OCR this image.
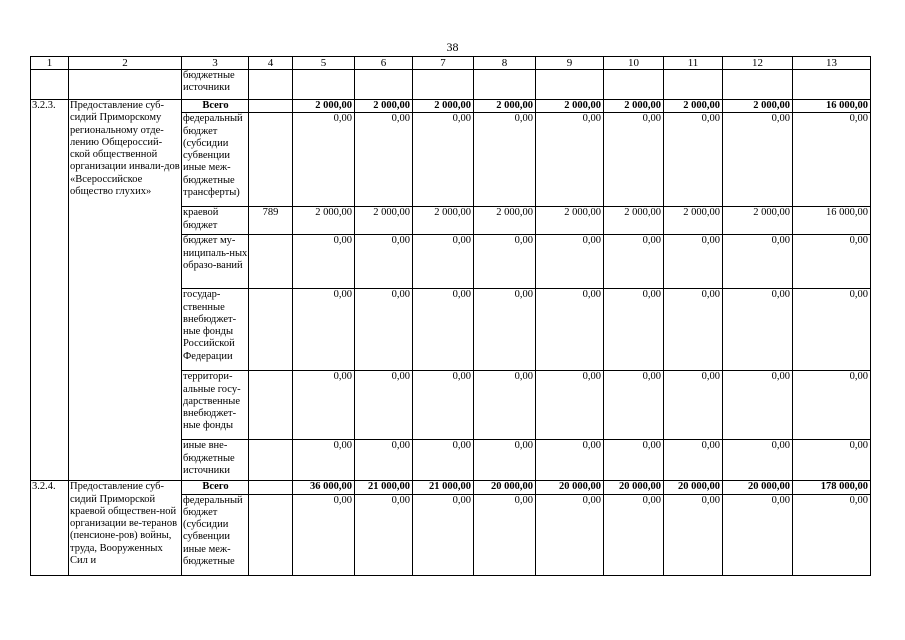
38
1	2	3	4	5	6	7	8	9	10	11	12	13
		бюджетные источники										
3.2.3.	Предоставление суб-сидий Приморскому региональному отде-лению Общероссий-ской общественной организации инвали-дов «Всероссийское общество глухих»	Всего		2 000,00	2 000,00	2 000,00	2 000,00	2 000,00	2 000,00	2 000,00	2 000,00	16 000,00
		федеральный бюджет (субсидии субвенции иные меж-бюджетные трансферты)		0,00	0,00	0,00	0,00	0,00	0,00	0,00	0,00	0,00
		краевой бюджет	789	2 000,00	2 000,00	2 000,00	2 000,00	2 000,00	2 000,00	2 000,00	2 000,00	16 000,00
		бюджет му-ниципаль-ных образо-ваний		0,00	0,00	0,00	0,00	0,00	0,00	0,00	0,00	0,00
		государ-ственные внебюджет-ные фонды Российской Федерации		0,00	0,00	0,00	0,00	0,00	0,00	0,00	0,00	0,00
		территори-альные госу-дарственные внебюджет-ные фонды		0,00	0,00	0,00	0,00	0,00	0,00	0,00	0,00	0,00
		иные вне-бюджетные источники		0,00	0,00	0,00	0,00	0,00	0,00	0,00	0,00	0,00
3.2.4.	Предоставление суб-сидий Приморской краевой обществен-ной организации ве-теранов (пенсионе-ров) войны, труда, Вооруженных Сил и	Всего		36 000,00	21 000,00	21 000,00	20 000,00	20 000,00	20 000,00	20 000,00	20 000,00	178 000,00
		федеральный бюджет (субсидии субвенции иные меж-бюджетные		0,00	0,00	0,00	0,00	0,00	0,00	0,00	0,00	0,00
